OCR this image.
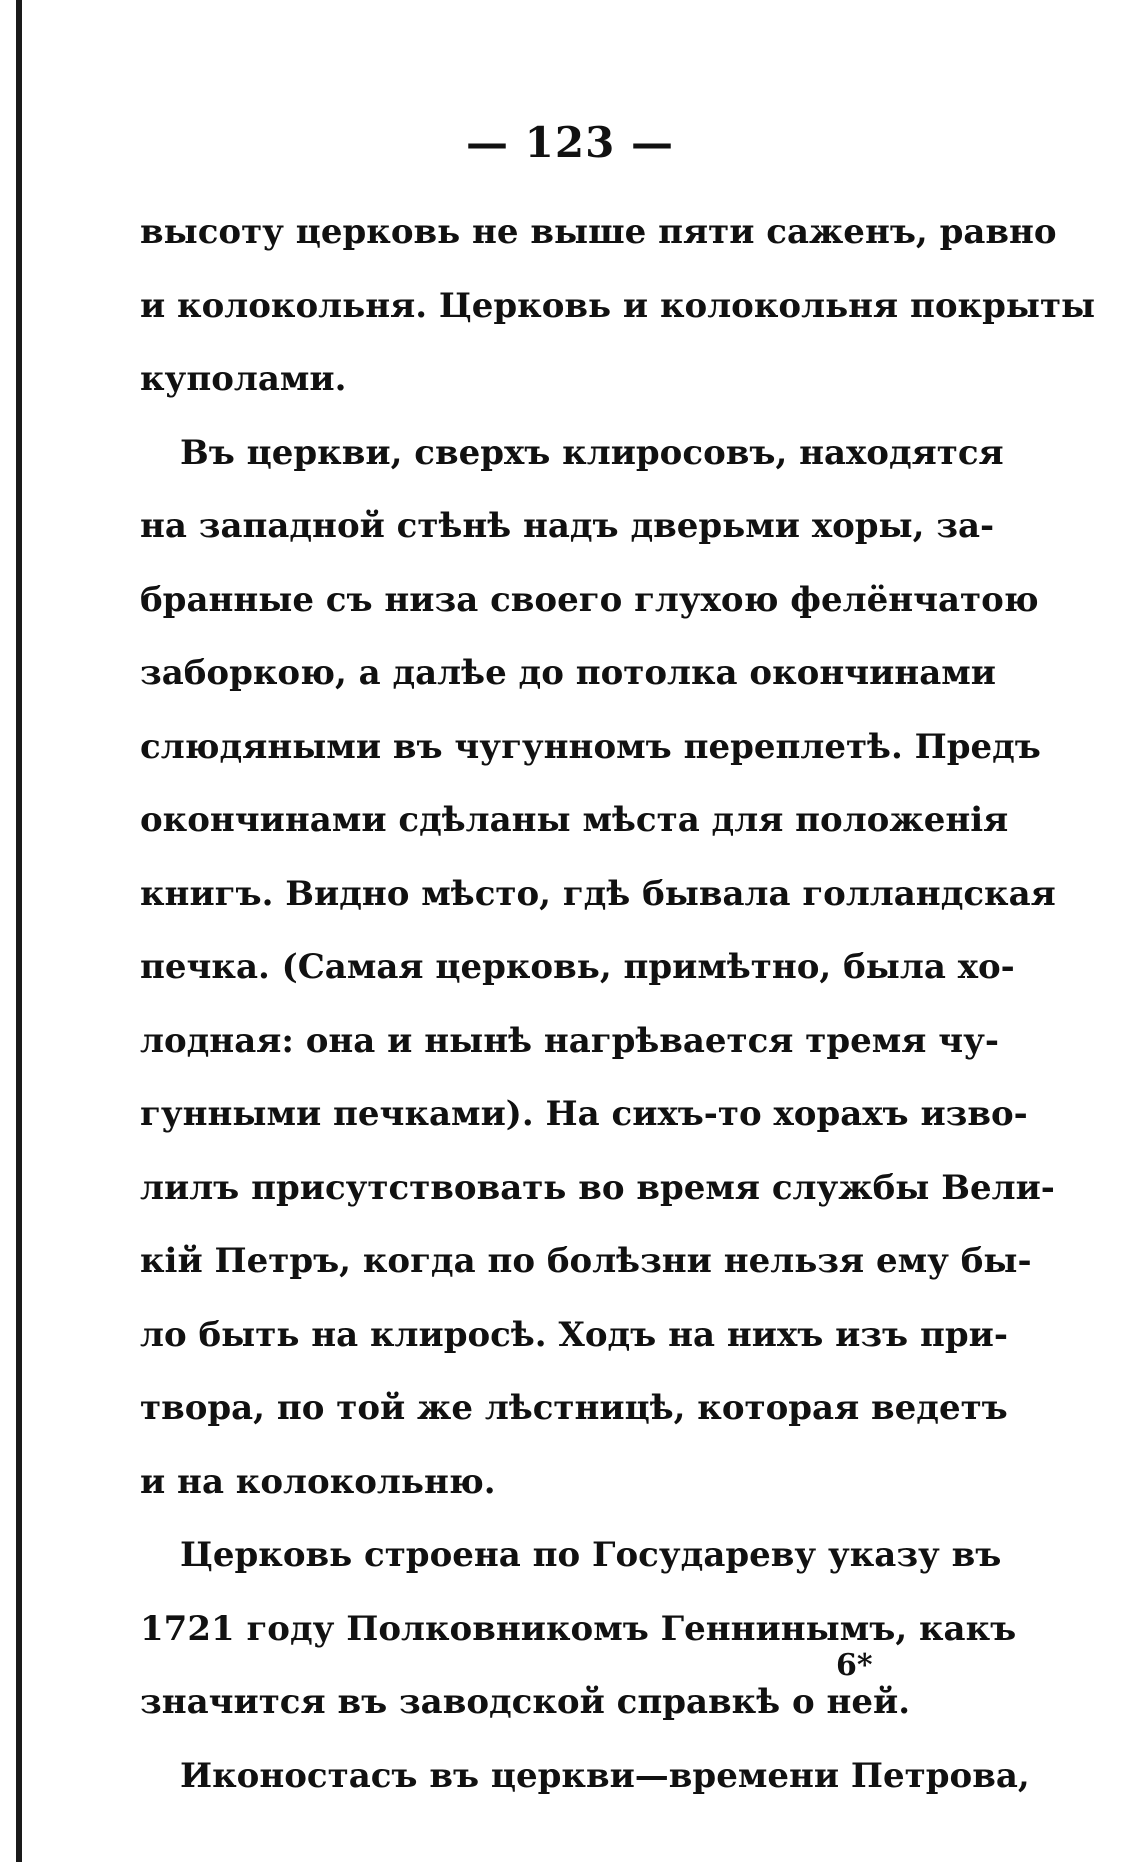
— 123 —
высоту церковь не выше пяти саженъ, равно
и колокольня. Церковь и колокольня покрыты
куполами.
Въ церкви, сверхъ клиросовъ, находятся
на западной стѣнѣ надъ дверьми хоры, за-
бранные съ низа своего глухою фелёнчатою
заборкою, а далѣе до потолка окончинами
слюдяными въ чугунномъ переплетѣ. Предъ
окончинами сдѣланы мѣста для положенія
книгъ. Видно мѣсто, гдѣ бывала голландская
печка. (Самая церковь, примѣтно, была хо-
лодная: она и нынѣ нагрѣвается тремя чу-
гунными печками). На сихъ-то хорахъ изво-
лилъ присутствовать во время службы Вели-
кій Петръ, когда по болѣзни нельзя ему бы-
ло быть на клиросѣ. Ходъ на нихъ изъ при-
твора, по той же лѣстницѣ, которая ведетъ
и на колокольню.
Церковь строена по Государеву указу въ
1721 году Полковникомъ Геннинымъ, какъ
значится въ заводской справкѣ о ней.
Иконостасъ въ церкви—времени Петрова,
6*
